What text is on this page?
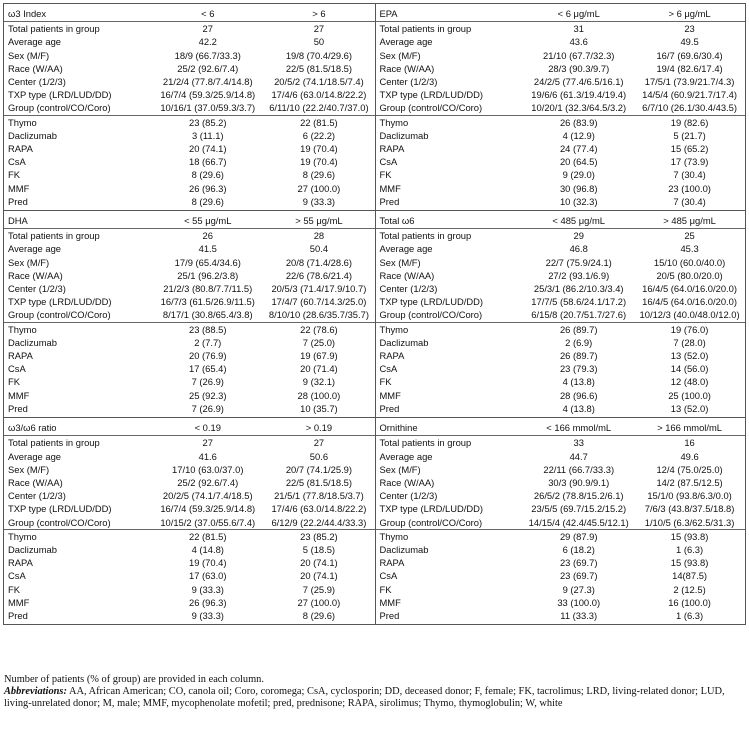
ω3 Index	< 6	> 6
Total patients in group	27	27
Average age	42.2	50
Sex (M/F)	18/9 (66.7/33.3)	19/8 (70.4/29.6)
Race (W/AA)	25/2 (92.6/7.4)	22/5 (81.5/18.5)
Center (1/2/3)	21/2/4 (77.8/7.4/14.8)	20/5/2 (74.1/18.5/7.4)
TXP type (LRD/LUD/DD)	16/7/4 (59.3/25.9/14.8)	17/4/6 (63.0/14.8/22.2)
Group (control/CO/Coro)	10/16/1 (37.0/59.3/3.7)	6/11/10 (22.2/40.7/37.0)
Thymo	23 (85.2)	22 (81.5)
Daclizumab	3 (11.1)	6 (22.2)
RAPA	20 (74.1)	19 (70.4)
CsA	18 (66.7)	19 (70.4)
FK	8 (29.6)	8 (29.6)
MMF	26 (96.3)	27 (100.0)
Pred	8 (29.6)	9 (33.3)
EPA	< 6 μg/mL	> 6 μg/mL
Total patients in group	31	23
Average age	43.6	49.5
Sex (M/F)	21/10 (67.7/32.3)	16/7 (69.6/30.4)
Race (W/AA)	28/3 (90.3/9.7)	19/4 (82.6/17.4)
Center (1/2/3)	24/2/5 (77.4/6.5/16.1)	17/5/1 (73.9/21.7/4.3)
TXP type (LRD/LUD/DD)	19/6/6 (61.3/19.4/19.4)	14/5/4 (60.9/21.7/17.4)
Group (control/CO/Coro)	10/20/1 (32.3/64.5/3.2)	6/7/10 (26.1/30.4/43.5)
Thymo	26 (83.9)	19 (82.6)
Daclizumab	4 (12.9)	5 (21.7)
RAPA	24 (77.4)	15 (65.2)
CsA	20 (64.5)	17 (73.9)
FK	9 (29.0)	7 (30.4)
MMF	30 (96.8)	23 (100.0)
Pred	10 (32.3)	7 (30.4)
DHA	< 55 μg/mL	> 55 μg/mL
Total patients in group	26	28
Average age	41.5	50.4
Sex (M/F)	17/9 (65.4/34.6)	20/8 (71.4/28.6)
Race (W/AA)	25/1 (96.2/3.8)	22/6 (78.6/21.4)
Center (1/2/3)	21/2/3 (80.8/7.7/11.5)	20/5/3 (71.4/17.9/10.7)
TXP type (LRD/LUD/DD)	16/7/3 (61.5/26.9/11.5)	17/4/7 (60.7/14.3/25.0)
Group (control/CO/Coro)	8/17/1 (30.8/65.4/3.8)	8/10/10 (28.6/35.7/35.7)
Thymo	23 (88.5)	22 (78.6)
Daclizumab	2 (7.7)	7 (25.0)
RAPA	20 (76.9)	19 (67.9)
CsA	17 (65.4)	20 (71.4)
FK	7 (26.9)	9 (32.1)
MMF	25 (92.3)	28 (100.0)
Pred	7 (26.9)	10 (35.7)
Total ω6	< 485 μg/mL	> 485 μg/mL
Total patients in group	29	25
Average age	46.8	45.3
Sex (M/F)	22/7 (75.9/24.1)	15/10 (60.0/40.0)
Race (W/AA)	27/2 (93.1/6.9)	20/5 (80.0/20.0)
Center (1/2/3)	25/3/1 (86.2/10.3/3.4)	16/4/5 (64.0/16.0/20.0)
TXP type (LRD/LUD/DD)	17/7/5 (58.6/24.1/17.2)	16/4/5 (64.0/16.0/20.0)
Group (control/CO/Coro)	6/15/8 (20.7/51.7/27.6)	10/12/3 (40.0/48.0/12.0)
Thymo	26 (89.7)	19 (76.0)
Daclizumab	2 (6.9)	7 (28.0)
RAPA	26 (89.7)	13 (52.0)
CsA	23 (79.3)	14 (56.0)
FK	4 (13.8)	12 (48.0)
MMF	28 (96.6)	25 (100.0)
Pred	4 (13.8)	13 (52.0)
ω3/ω6 ratio	< 0.19	> 0.19
Total patients in group	27	27
Average age	41.6	50.6
Sex (M/F)	17/10 (63.0/37.0)	20/7 (74.1/25.9)
Race (W/AA)	25/2 (92.6/7.4)	22/5 (81.5/18.5)
Center (1/2/3)	20/2/5 (74.1/7.4/18.5)	21/5/1 (77.8/18.5/3.7)
TXP type (LRD/LUD/DD)	16/7/4 (59.3/25.9/14.8)	17/4/6 (63.0/14.8/22.2)
Group (control/CO/Coro)	10/15/2 (37.0/55.6/7.4)	6/12/9 (22.2/44.4/33.3)
Thymo	22 (81.5)	23 (85.2)
Daclizumab	4 (14.8)	5 (18.5)
RAPA	19 (70.4)	20 (74.1)
CsA	17 (63.0)	20 (74.1)
FK	9 (33.3)	7 (25.9)
MMF	26 (96.3)	27 (100.0)
Pred	9 (33.3)	8 (29.6)
Ornithine	< 166 mmol/mL	> 166 mmol/mL
Total patients in group	33	16
Average age	44.7	49.6
Sex (M/F)	22/11 (66.7/33.3)	12/4 (75.0/25.0)
Race (W/AA)	30/3 (90.9/9.1)	14/2 (87.5/12.5)
Center (1/2/3)	26/5/2 (78.8/15.2/6.1)	15/1/0 (93.8/6.3/0.0)
TXP type (LRD/LUD/DD)	23/5/5 (69.7/15.2/15.2)	7/6/3 (43.8/37.5/18.8)
Group (control/CO/Coro)	14/15/4 (42.4/45.5/12.1)	1/10/5 (6.3/62.5/31.3)
Thymo	29 (87.9)	15 (93.8)
Daclizumab	6 (18.2)	1 (6.3)
RAPA	23 (69.7)	15 (93.8)
CsA	23 (69.7)	14(87.5)
FK	9 (27.3)	2 (12.5)
MMF	33 (100.0)	16 (100.0)
Pred	11 (33.3)	1 (6.3)

Number of patients (% of group) are provided in each column.

Abbreviations: AA, African American; CO, canola oil; Coro, coromega; CsA, cyclosporin; DD, deceased donor; F, female; FK, tacrolimus; LRD, living-related donor; LUD, living-unrelated donor; M, male; MMF, mycophenolate mofetil; pred, prednisone; RAPA, sirolimus; Thymo, thymoglobulin; W, white
